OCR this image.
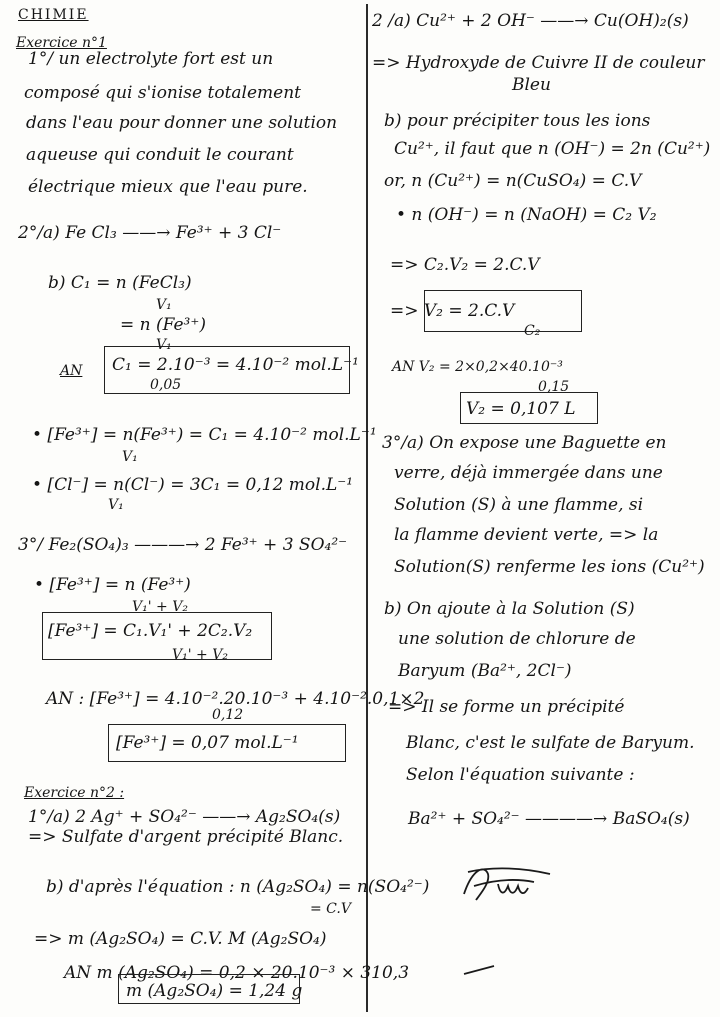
CHIMIE
Exercice n°1
1°/ un electrolyte fort est un
composé qui s'ionise totalement
dans l'eau pour donner une solution
aqueuse qui conduit le courant
électrique mieux que l'eau pure.
2°/a) Fe Cl₃ ——→ Fe³⁺ + 3 Cl⁻
b) C₁ = n (FeCl₃)
V₁
= n (Fe³⁺)
V₁
AN C₁ = 2.10⁻³ = 4.10⁻² mol.L⁻¹
0,05
• [Fe³⁺] = n(Fe³⁺) = C₁ = 4.10⁻² mol.L⁻¹
V₁
• [Cl⁻] = n(Cl⁻) = 3C₁ = 0,12 mol.L⁻¹
V₁
3°/ Fe₂(SO₄)₃ ———→ 2 Fe³⁺ + 3 SO₄²⁻
• [Fe³⁺] = n (Fe³⁺)
V₁' + V₂
[Fe³⁺] = C₁.V₁' + 2C₂.V₂
V₁' + V₂
AN : [Fe³⁺] = 4.10⁻².20.10⁻³ + 4.10⁻².0,1×2
0,12
[Fe³⁺] = 0,07 mol.L⁻¹
Exercice n°2 :
1°/a) 2 Ag⁺ + SO₄²⁻ ——→ Ag₂SO₄(s)
=> Sulfate d'argent précipité Blanc.
b) d'après l'équation : n (Ag₂SO₄) = n(SO₄²⁻)
= C.V
=> m (Ag₂SO₄) = C.V. M (Ag₂SO₄)
AN m (Ag₂SO₄) = 0,2 × 20.10⁻³ × 310,3
m (Ag₂SO₄) = 1,24 g
2 /a) Cu²⁺ + 2 OH⁻ ——→ Cu(OH)₂(s)
=> Hydroxyde de Cuivre II de couleur
Bleu
b) pour précipiter tous les ions
Cu²⁺, il faut que n (OH⁻) = 2n (Cu²⁺)
or, n (Cu²⁺) = n(CuSO₄) = C.V
• n (OH⁻) = n (NaOH) = C₂ V₂
=> C₂.V₂ = 2.C.V
=> V₂ = 2.C.V
C₂
AN V₂ = 2×0,2×40.10⁻³
0,15
V₂ = 0,107 L
3°/a) On expose une Baguette en
verre, déjà immergée dans une
Solution (S) à une flamme, si
la flamme devient verte, => la
Solution(S) renferme les ions (Cu²⁺)
b) On ajoute à la Solution (S)
une solution de chlorure de
Baryum (Ba²⁺, 2Cl⁻)
=> Il se forme un précipité
Blanc, c'est le sulfate de Baryum.
Selon l'équation suivante :
Ba²⁺ + SO₄²⁻ ————→ BaSO₄(s)
